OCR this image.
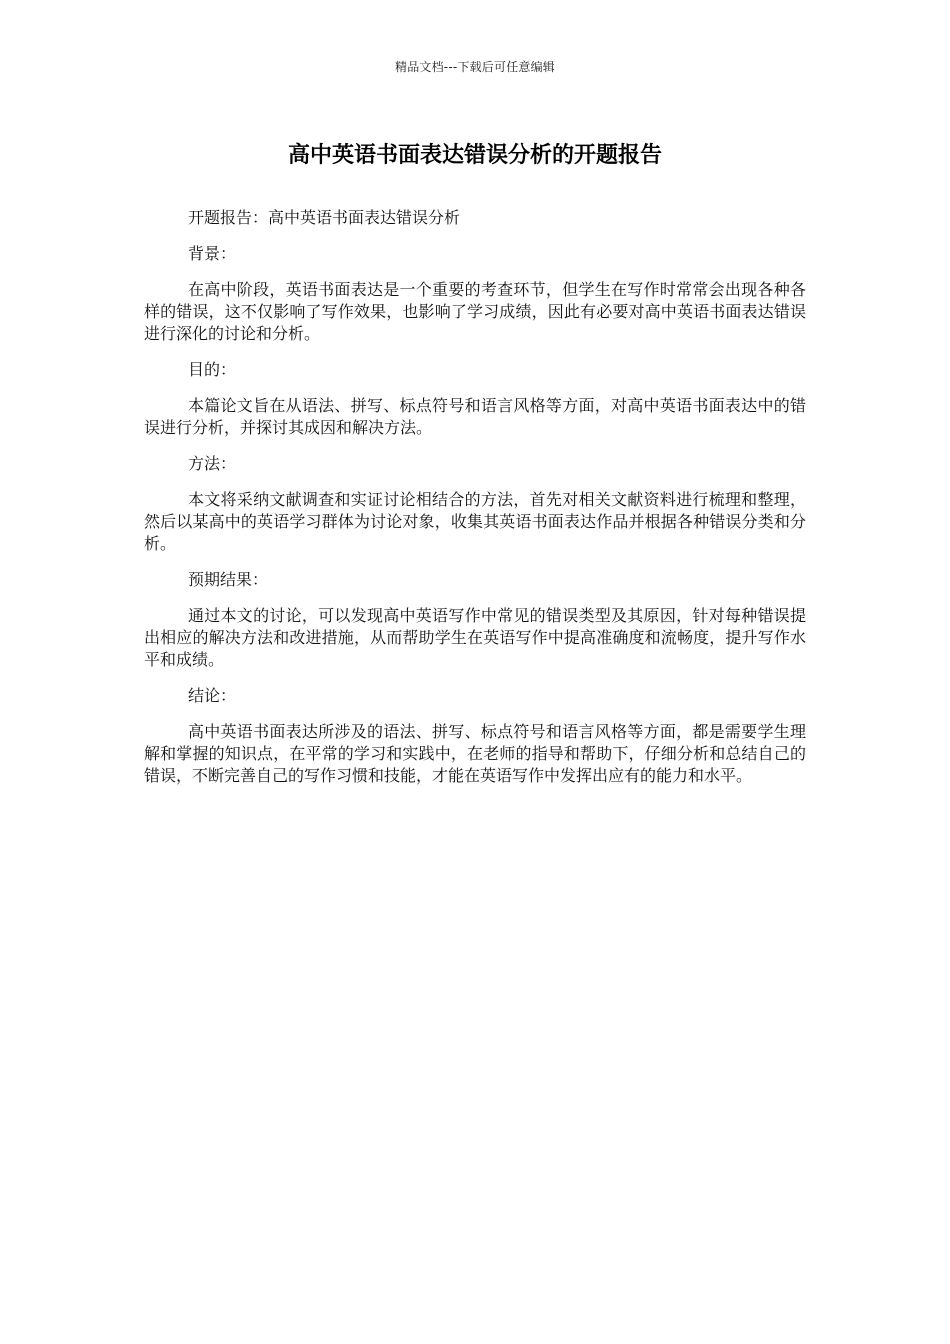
精品文档---下载后可任意编辑
高中英语书面表达错误分析的开题报告

开题报告：高中英语书面表达错误分析

背景：

在高中阶段，英语书面表达是一个重要的考查环节，但学生在写作时常常会出现各种各样的错误，这不仅影响了写作效果，也影响了学习成绩，因此有必要对高中英语书面表达错误进行深化的讨论和分析。

目的：

本篇论文旨在从语法、拼写、标点符号和语言风格等方面，对高中英语书面表达中的错误进行分析，并探讨其成因和解决方法。

方法：

本文将采纳文献调查和实证讨论相结合的方法，首先对相关文献资料进行梳理和整理，然后以某高中的英语学习群体为讨论对象，收集其英语书面表达作品并根据各种错误分类和分析。

预期结果：

通过本文的讨论，可以发现高中英语写作中常见的错误类型及其原因，针对每种错误提出相应的解决方法和改进措施，从而帮助学生在英语写作中提高准确度和流畅度，提升写作水平和成绩。

结论：

高中英语书面表达所涉及的语法、拼写、标点符号和语言风格等方面，都是需要学生理解和掌握的知识点，在平常的学习和实践中，在老师的指导和帮助下，仔细分析和总结自己的错误，不断完善自己的写作习惯和技能，才能在英语写作中发挥出应有的能力和水平。
